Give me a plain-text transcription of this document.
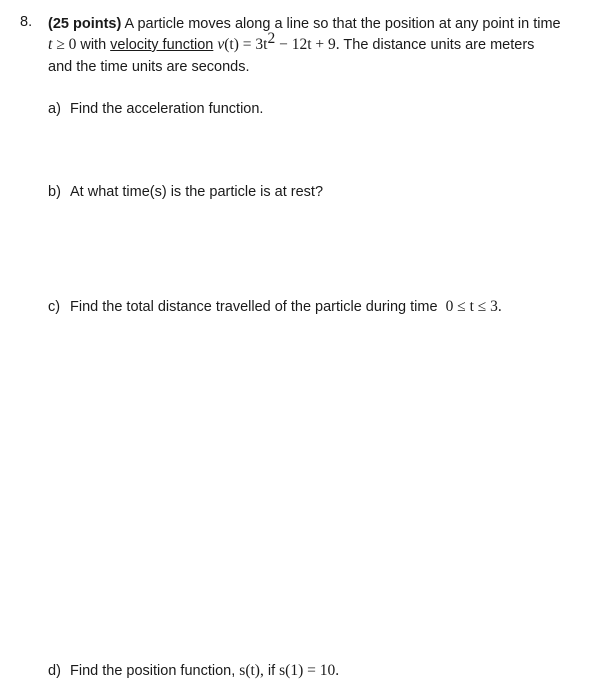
8. (25 points) A particle moves along a line so that the position at any point in time
t ≥ 0 with velocity function $v(t) = 3t^2 - 12t + 9$. The distance units are meters
and the time units are seconds.
a) Find the acceleration function.
b) At what time(s) is the particle is at rest?
c) Find the total distance travelled of the particle during time 0 ≤ t ≤ 3.
d) Find the position function, s(t), if s(1) = 10.
